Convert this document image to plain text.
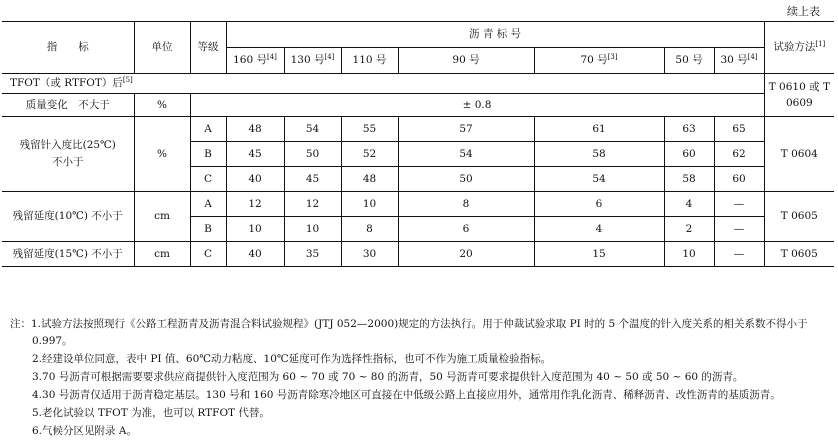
续上表
指　　标	单位	等级	沥 青 标 号							试验方法[1]
			160 号[4]	130 号[4]	110 号	90 号	70 号[3]	50 号	30 号[4]
TFOT（或 RTFOT）后[5]										T 0610 或 T 0609
质量变化　不大于	%	± 0.8								
残留针入度比(25℃)
不小于	%	A	48	54	55	57	61	63	65	T 0604
		B	45	50	52	54	58	60	62	
		C	40	45	48	50	54	58	60	
残留延度(10℃) 不小于	cm	A	12	12	10	8	6	4	—	T 0605
		B	10	10	8	6	4	2	—	
残留延度(15℃) 不小于	cm	C	40	35	30	20	15	10	—	T 0605
注：1.试验方法按照现行《公路工程沥青及沥青混合料试验规程》(JTJ 052—2000)规定的方法执行。用于仲裁试验求取 PI 时的 5 个温度的针入度关系的相关系数不得小于 0.997。
2.经建设单位同意，表中 PI 值、60℃动力粘度、10℃延度可作为选择性指标，也可不作为施工质量检验指标。
3.70 号沥青可根据需要要求供应商提供针入度范围为 60 ~ 70 或 70 ~ 80 的沥青，50 号沥青可要求提供针入度范围为 40 ~ 50 或 50 ~ 60 的沥青。
4.30 号沥青仅适用于沥青稳定基层。130 号和 160 号沥青除寒冷地区可直接在中低级公路上直接应用外，通常用作乳化沥青、稀释沥青、改性沥青的基质沥青。
5.老化试验以 TFOT 为准，也可以 RTFOT 代替。
6.气候分区见附录 A。
